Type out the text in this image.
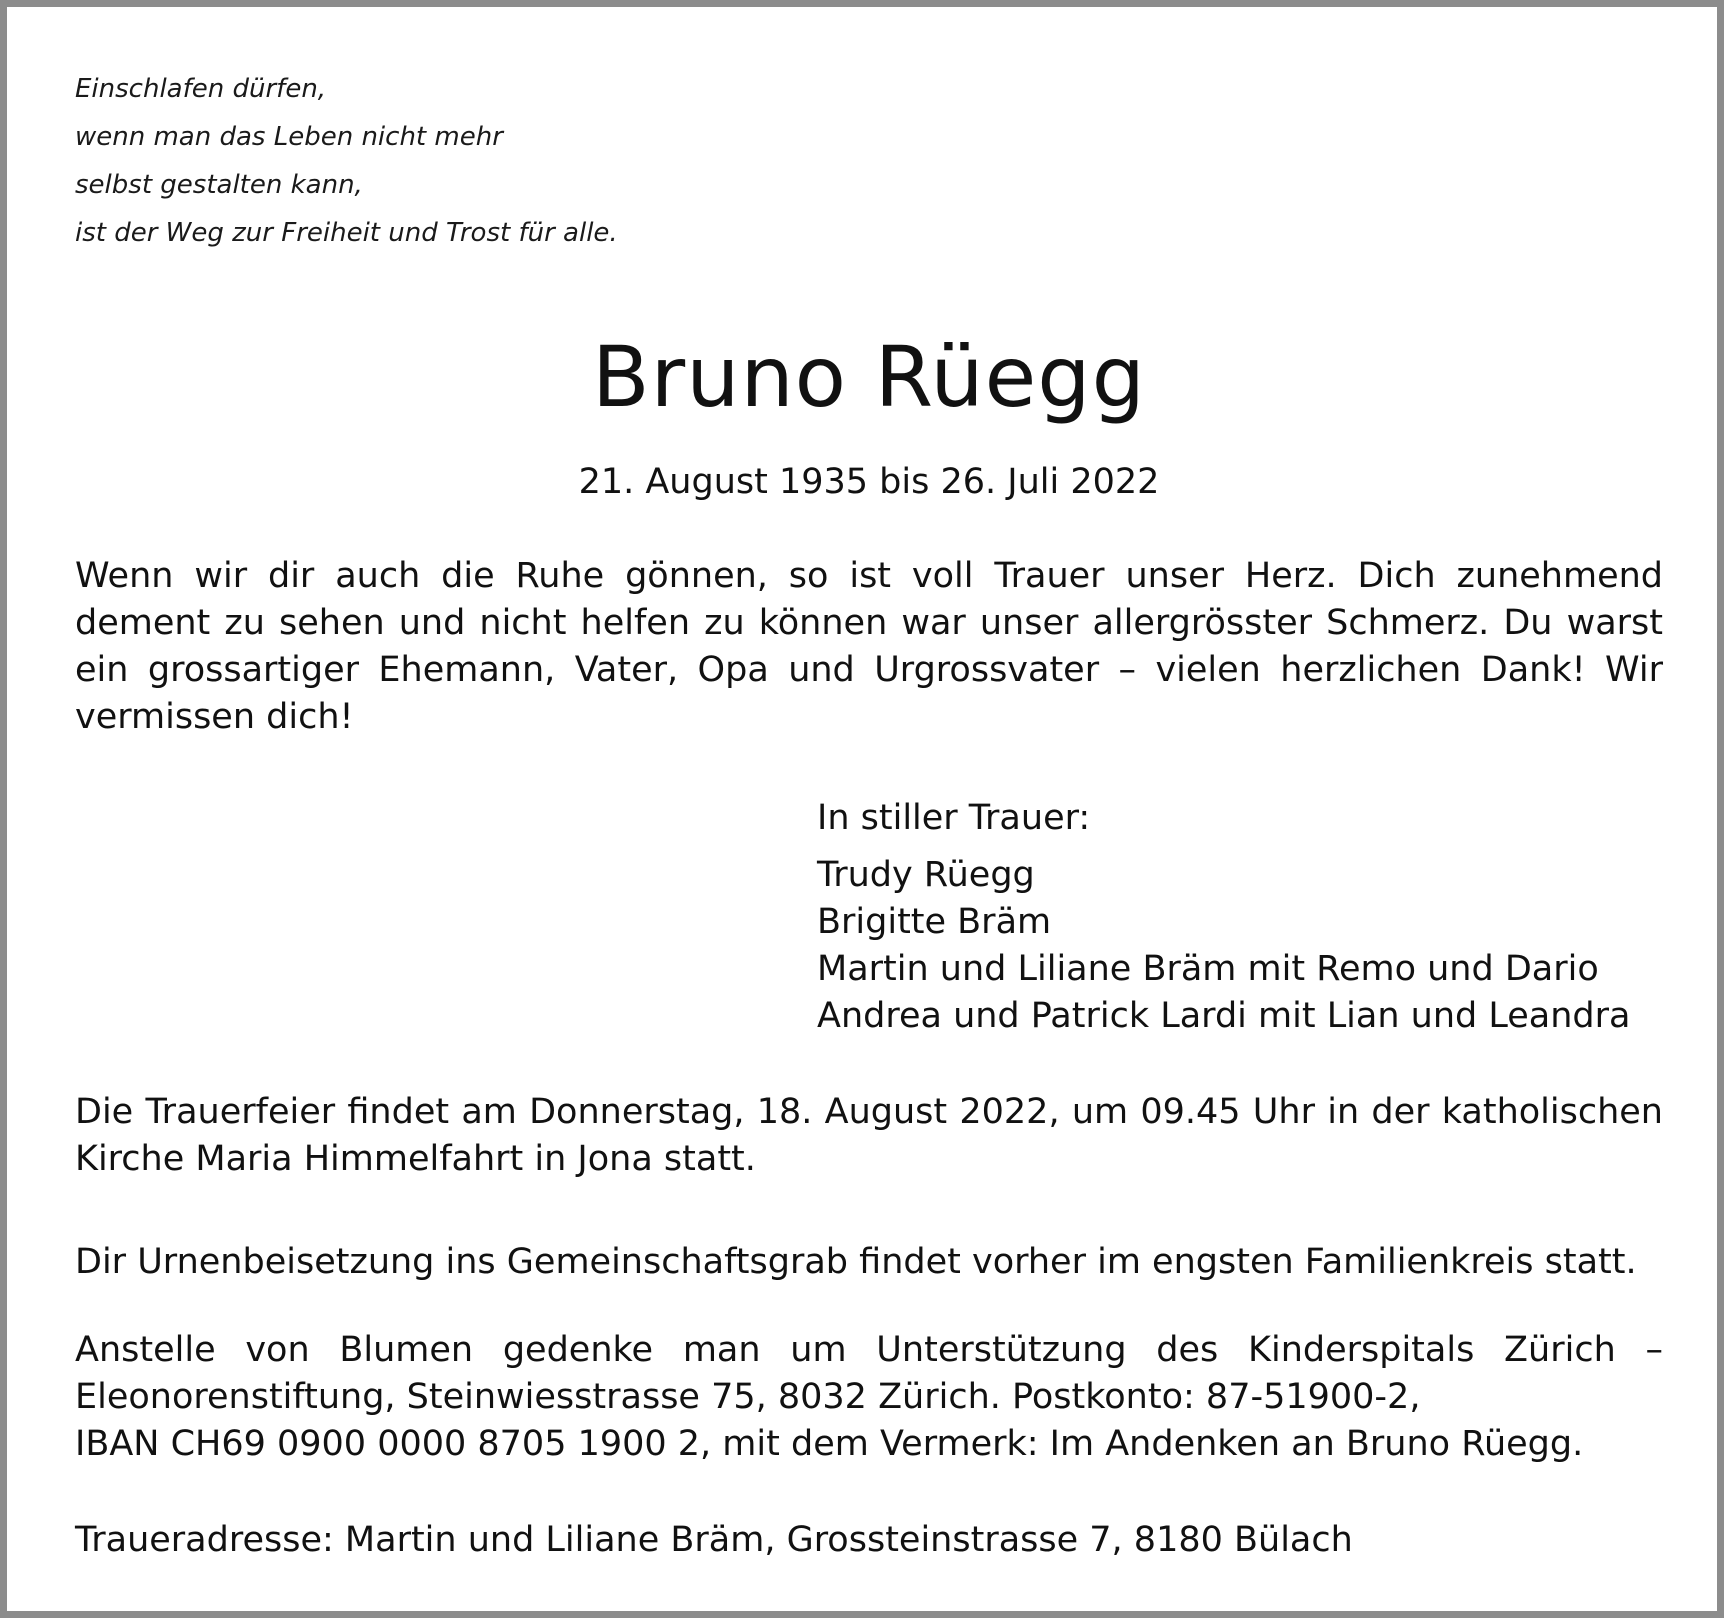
Einschlafen dürfen,
wenn man das Leben nicht mehr
selbst gestalten kann,
ist der Weg zur Freiheit und Trost für alle.
Bruno Rüegg
21. August 1935 bis 26. Juli 2022

Wenn wir dir auch die Ruhe gönnen, so ist voll Trauer unser Herz. Dich zunehmend dement zu sehen und nicht helfen zu können war unser allergrösster Schmerz. Du warst ein grossartiger Ehemann, Vater, Opa und Urgrossvater – vielen herzlichen Dank! Wir vermissen dich!

In stiller Trauer:
Trudy Rüegg
Brigitte Bräm
Martin und Liliane Bräm mit Remo und Dario
Andrea und Patrick Lardi mit Lian und Leandra

Die Trauerfeier findet am Donnerstag, 18. August 2022, um 09.45 Uhr in der katholischen Kirche Maria Himmelfahrt in Jona statt.

Dir Urnenbeisetzung ins Gemeinschaftsgrab findet vorher im engsten Familienkreis statt.

Anstelle von Blumen gedenke man um Unterstützung des Kinderspitals Zürich –
Eleonorenstiftung, Steinwiesstrasse 75, 8032 Zürich. Postkonto: 87-51900-2,
IBAN CH69 0900 0000 8705 1900 2, mit dem Vermerk: Im Andenken an Bruno Rüegg.

Traueradresse: Martin und Liliane Bräm, Grossteinstrasse 7, 8180 Bülach
